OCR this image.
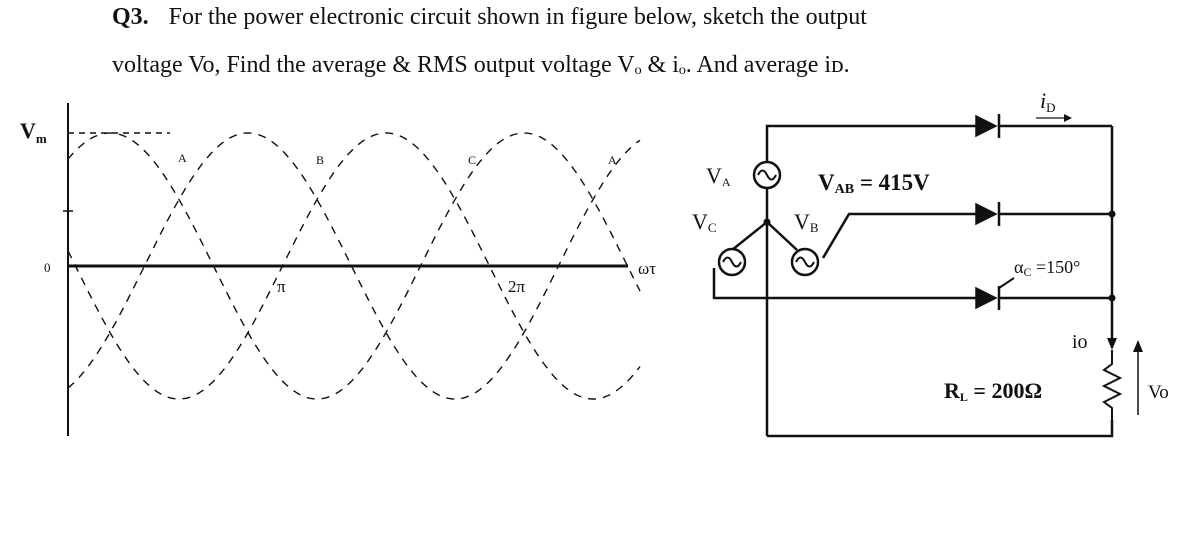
Q3. For the power electronic circuit shown in figure below, sketch the output
voltage Vo, Find the average & RMS output voltage Vₒ & iₒ. And average iᴅ.
$V_m$
0	ωτ
π	2π
A	B	C	A
VA
VC	VB
VAB = 415V
iD
αC =150°
io
RL = 200Ω	Vo
